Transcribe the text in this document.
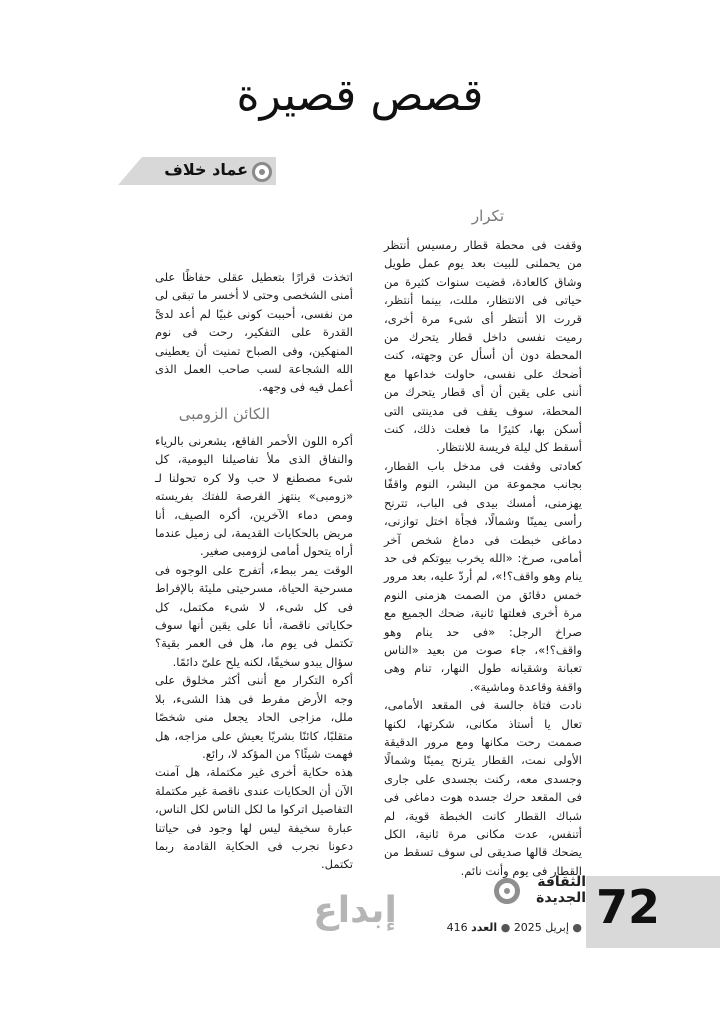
قصص قصيرة
عماد خلاف
تكرار

وقفت فى محطة قطار رمسيس أنتظر من يحملنى للبيت بعد يوم عمل طويل وشاق كالعادة، قضيت سنوات كثيرة من حياتى فى الانتظار، مللت، بينما أنتظر، قررت الا أنتظر أى شىء مرة أخرى، رميت نفسى داخل قطار يتحرك من المحطة دون أن أسأل عن وجهته، كنت أضحك على نفسى، حاولت خداعها مع أننى على يقين أن أى قطار يتحرك من المحطة، سوف يقف فى مدينتى التى أسكن بها، كثيرًا ما فعلت ذلك، كنت أسقط كل ليلة فريسة للانتظار.

كعادتى وقفت فى مدخل باب القطار، بجانب مجموعة من البشر، النوم واقفًا يهزمنى، أمسك بيدى فى الباب، تترنح رأسى يمينًا وشمالًا، فجأة اختل توازنى، دماغى خبطت فى دماغ شخص آخر أمامى، صرخ: «الله يخرب بيوتكم فى حد ينام وهو واقف؟!»، لم أردّ عليه، بعد مرور خمس دقائق من الصمت هزمنى النوم مرة أخرى فعلتها ثانية، ضحك الجميع مع صراخ الرجل: «فى حد ينام وهو واقف؟!»، جاء صوت من بعيد «الناس تعبانة وشقيانه طول النهار، تنام وهى واقفة وقاعدة وماشية».

نادت فتاة جالسة فى المقعد الأمامى، تعال يا أستاذ مكانى، شكرتها، لكنها صممت رحت مكانها ومع مرور الدقيقة الأولى نمت، القطار يترنح يمينًا وشمالًا وجسدى معه، ركنت بجسدى على جارى فى المقعد حرك جسده هوت دماغى فى شباك القطار كانت الخبطة قوية، لم أتنفس، عدت مكانى مرة ثانية، الكل يضحك قالها صديقى لى سوف تسقط من القطار فى يوم وأنت نائم.

اتخذت قرارًا بتعطيل عقلى حفاظًا على أمنى الشخصى وحتى لا أخسر ما تبقى لى من نفسى، أحببت كونى غبيًا لم أعد لدىَّ القدرة على التفكير، رحت فى نوم المنهكين، وفى الصباح تمنيت أن يعطينى الله الشجاعة لسب صاحب العمل الذى أعمل فيه فى وجهه.

الكائن الزومبى

أكره اللون الأحمر الفاقع، يشعرنى بالرياء والنفاق الذى ملأ تفاصيلنا اليومية، كل شىء مصطنع لا حب ولا كره تحولنا لـ «زومبى» ينتهز الفرصة للفتك بفريسته ومص دماء الآخرين، أكره الصيف، أنا مريض بالحكايات القديمة، لى زميل عندما أراه يتحول أمامى لزومبى صغير.

الوقت يمر ببطء، أتفرج على الوجوه فى مسرحية الحياة، مسرحيتى مليئة بالإفراط فى كل شىء، لا شىء مكتمل، كل حكاياتى ناقصة، أنا على يقين أنها سوف تكتمل فى يوم ما، هل فى العمر بقية؟ سؤال يبدو سخيفًا، لكنه يلح علىّ دائمًا.

أكره التكرار مع أننى أكثر مخلوق على وجه الأرض مفرط فى هذا الشىء، بلا ملل، مزاجى الحاد يجعل منى شخصًا متقلبًا، كائنًا بشريًا يعيش على مزاجه، هل فهمت شيئًا؟ من المؤكد لا، رائع.

هذه حكاية أخرى غير مكتملة، هل آمنت الآن أن الحكايات عندى ناقصة غير مكتملة التفاصيل اتركوا ما لكل الناس لكل الناس، عبارة سخيفة ليس لها وجود فى حياتنا دعونا نجرب فى الحكاية القادمة ربما تكتمل.

72
الثقافة
الجديدة
إبداع	● إبريل 2025 ● العدد 416
